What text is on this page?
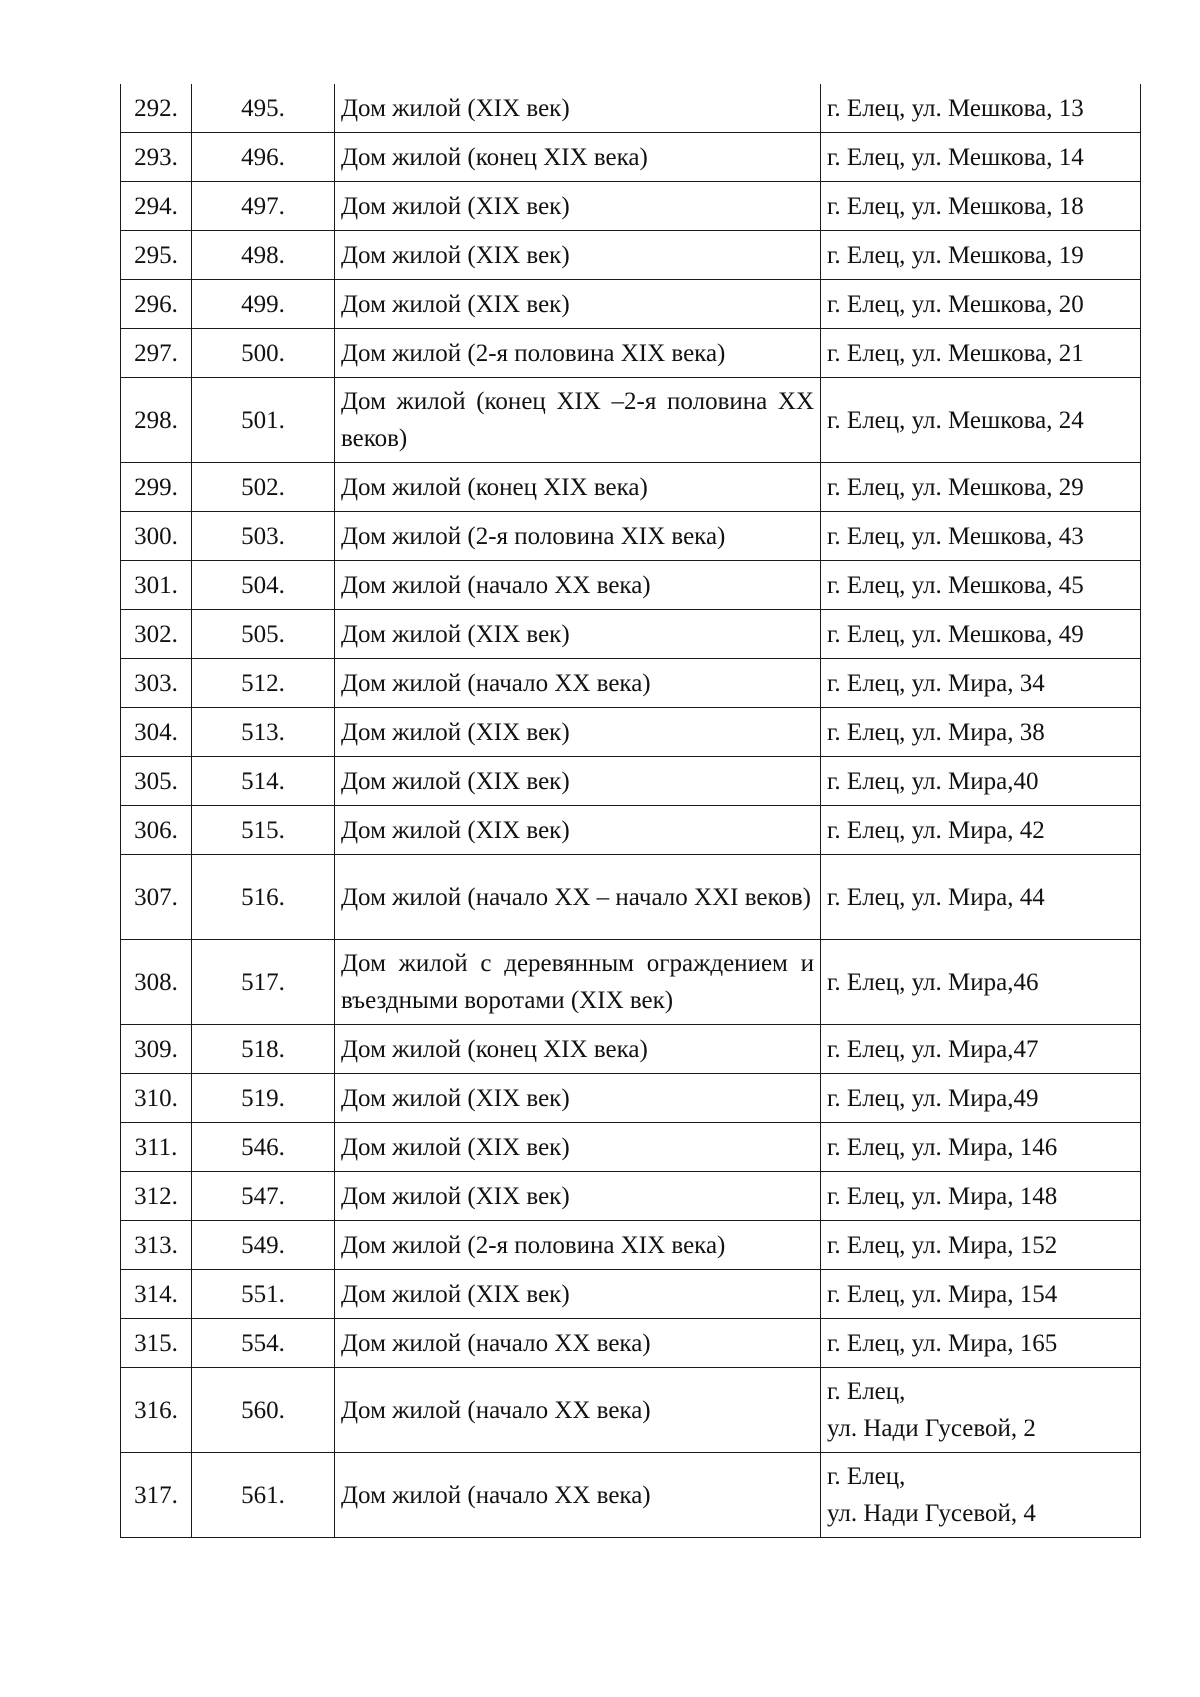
292.	495.	Дом жилой (XIX век)	г. Елец, ул. Мешкова, 13
293.	496.	Дом жилой (конец XIX века)	г. Елец, ул. Мешкова, 14
294.	497.	Дом жилой (XIX век)	г. Елец, ул. Мешкова, 18
295.	498.	Дом жилой (XIX век)	г. Елец, ул. Мешкова, 19
296.	499.	Дом жилой (XIX век)	г. Елец, ул. Мешкова, 20
297.	500.	Дом жилой (2-я половина XIX века)	г. Елец, ул. Мешкова, 21
298.	501.	Дом жилой (конец XIX –2-я половина XX веков)	г. Елец, ул. Мешкова, 24
299.	502.	Дом жилой (конец XIX века)	г. Елец, ул. Мешкова, 29
300.	503.	Дом жилой (2-я половина XIX века)	г. Елец, ул. Мешкова, 43
301.	504.	Дом жилой (начало XX века)	г. Елец, ул. Мешкова, 45
302.	505.	Дом жилой (XIX век)	г. Елец, ул. Мешкова, 49
303.	512.	Дом жилой (начало XX века)	г. Елец, ул. Мира, 34
304.	513.	Дом жилой (XIX век)	г. Елец, ул. Мира, 38
305.	514.	Дом жилой (XIX век)	г. Елец, ул. Мира,40
306.	515.	Дом жилой (XIX век)	г. Елец, ул. Мира, 42
307.	516.	Дом жилой (начало XX – начало XXI веков)	г. Елец, ул. Мира, 44
308.	517.	Дом жилой с деревянным ограждением и въездными воротами (XIX век)	г. Елец, ул. Мира,46
309.	518.	Дом жилой (конец XIX века)	г. Елец, ул. Мира,47
310.	519.	Дом жилой (XIX век)	г. Елец, ул. Мира,49
311.	546.	Дом жилой (XIX век)	г. Елец, ул. Мира, 146
312.	547.	Дом жилой (XIX век)	г. Елец, ул. Мира, 148
313.	549.	Дом жилой (2-я половина XIX века)	г. Елец, ул. Мира, 152
314.	551.	Дом жилой (XIX век)	г. Елец, ул. Мира, 154
315.	554.	Дом жилой (начало XX века)	г. Елец, ул. Мира, 165
316.	560.	Дом жилой (начало XX века)	г. Елец,
ул. Нади Гусевой, 2
317.	561.	Дом жилой (начало XX века)	г. Елец,
ул. Нади Гусевой, 4
